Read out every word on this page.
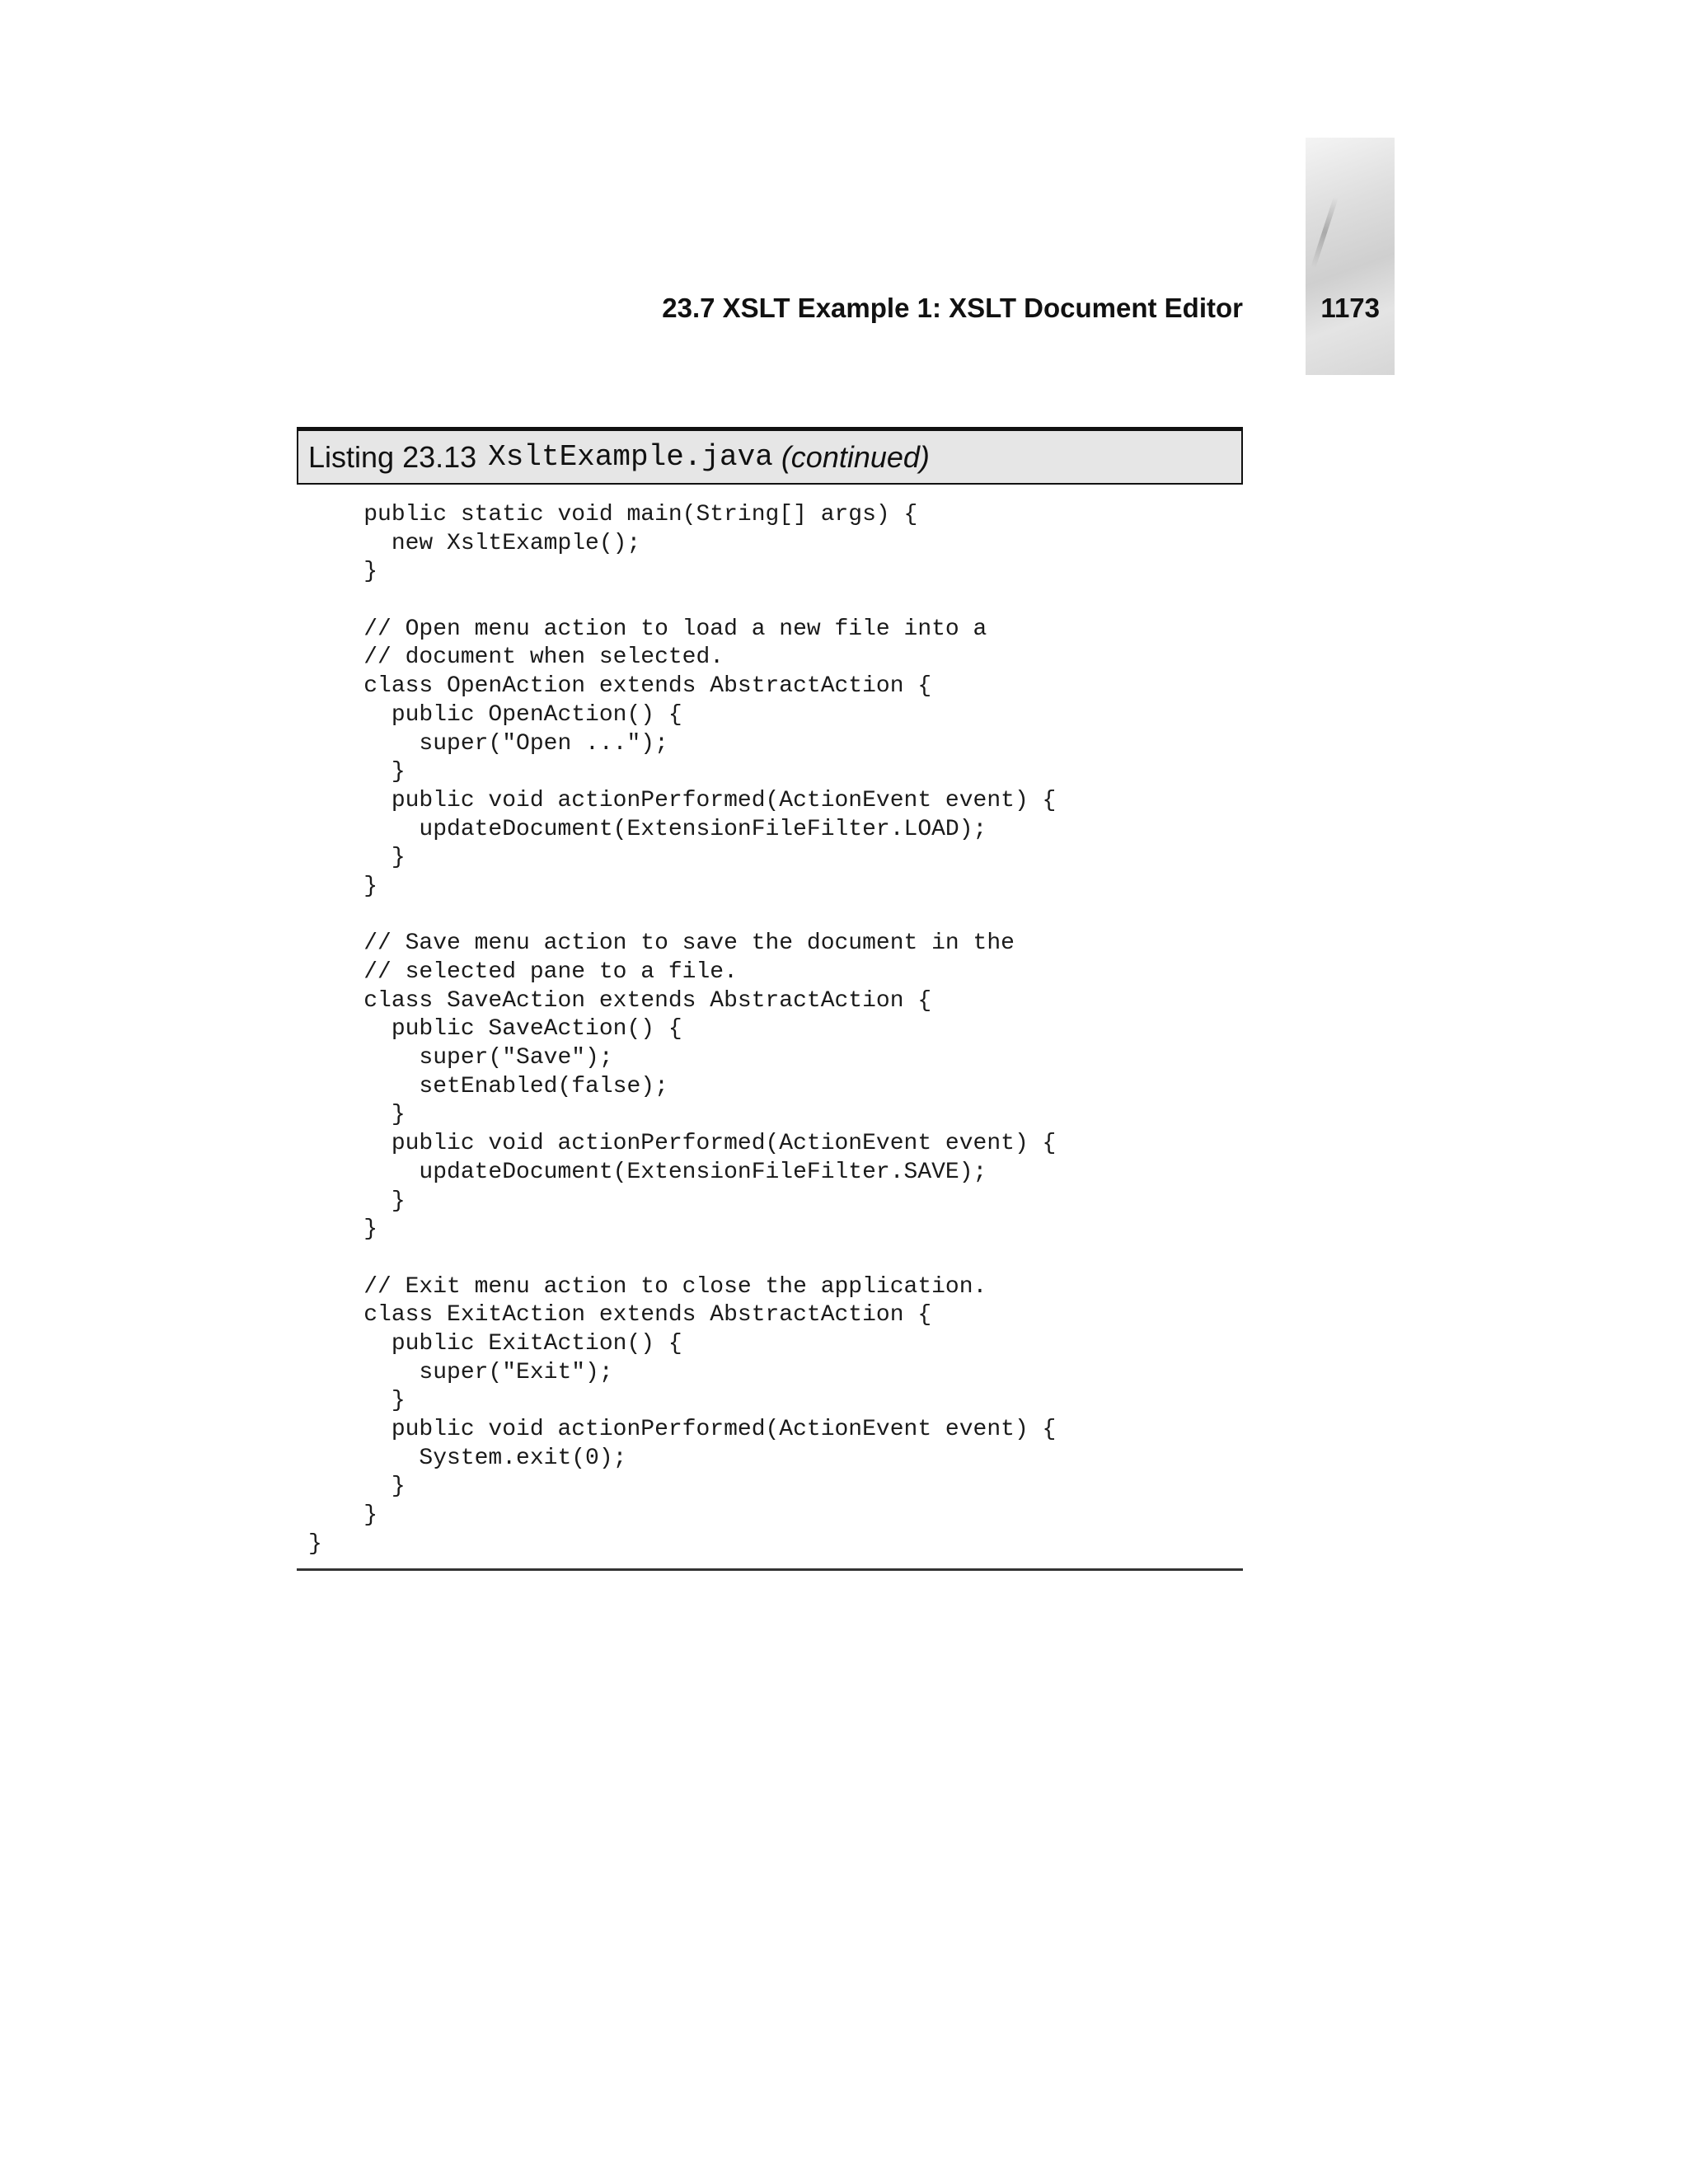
23.7 XSLT Example 1: XSLT Document Editor	1173
Listing 23.13 XsltExample.java (continued)
public static void main(String[] args) {
new XsltExample();
}
// Open menu action to load a new file into a
// document when selected.
class OpenAction extends AbstractAction {
public OpenAction() {
super("Open ...");
}
public void actionPerformed(ActionEvent event) {
updateDocument(ExtensionFileFilter.LOAD);
}
}
// Save menu action to save the document in the
// selected pane to a file.
class SaveAction extends AbstractAction {
public SaveAction() {
super("Save");
setEnabled(false);
}
public void actionPerformed(ActionEvent event) {
updateDocument(ExtensionFileFilter.SAVE);
}
}
// Exit menu action to close the application.
class ExitAction extends AbstractAction {
public ExitAction() {
super("Exit");
}
public void actionPerformed(ActionEvent event) {
System.exit(0);
}
}
}
